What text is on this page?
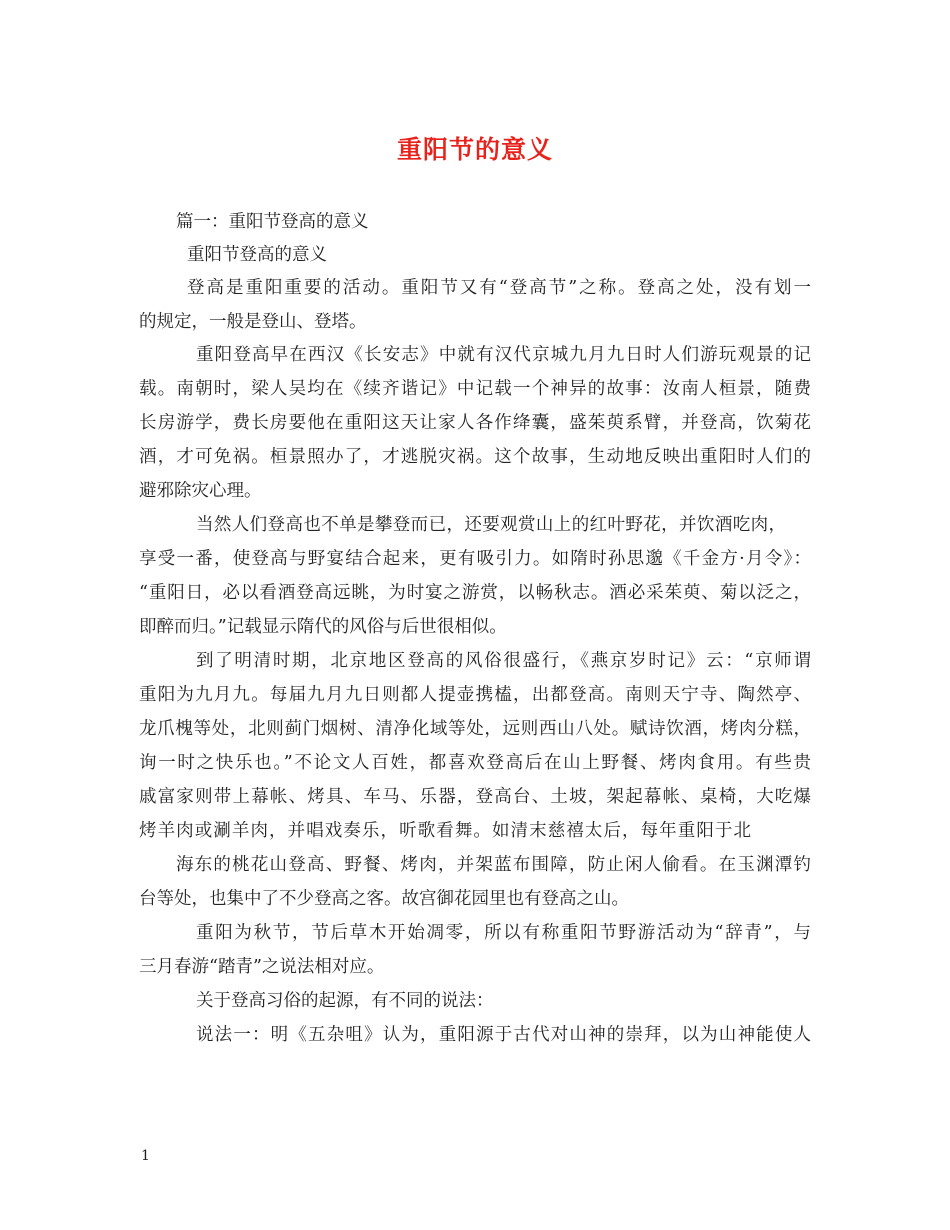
重阳节的意义
篇一：重阳节登高的意义
重阳节登高的意义
登高是重阳重要的活动。重阳节又有“登高节”之称。登高之处，没有划一
的规定，一般是登山、登塔。
重阳登高早在西汉《长安志》中就有汉代京城九月九日时人们游玩观景的记
载。南朝时，梁人吴均在《续齐谐记》中记载一个神异的故事：汝南人桓景，随费
长房游学，费长房要他在重阳这天让家人各作绛囊，盛茱萸系臂，并登高，饮菊花
酒，才可免祸。桓景照办了，才逃脱灾祸。这个故事，生动地反映出重阳时人们的
避邪除灾心理。
当然人们登高也不单是攀登而已，还要观赏山上的红叶野花，并饮酒吃肉，
享受一番，使登高与野宴结合起来，更有吸引力。如隋时孙思邈《千金方·月令》：
“重阳日，必以看酒登高远眺，为时宴之游赏，以畅秋志。酒必采茱萸、菊以泛之，
即醉而归。”记载显示隋代的风俗与后世很相似。
到了明清时期，北京地区登高的风俗很盛行，《燕京岁时记》云：“京师谓
重阳为九月九。每届九月九日则都人提壶携榼，出都登高。南则天宁寺、陶然亭、
龙爪槐等处，北则蓟门烟树、清净化域等处，远则西山八处。赋诗饮酒，烤肉分糕，
询一时之快乐也。”不论文人百姓，都喜欢登高后在山上野餐、烤肉食用。有些贵
戚富家则带上幕帐、烤具、车马、乐器，登高台、土坡，架起幕帐、桌椅，大吃爆
烤羊肉或涮羊肉，并唱戏奏乐，听歌看舞。如清末慈禧太后，每年重阳于北
海东的桃花山登高、野餐、烤肉，并架蓝布围障，防止闲人偷看。在玉渊潭钓
台等处，也集中了不少登高之客。故宫御花园里也有登高之山。
重阳为秋节，节后草木开始凋零，所以有称重阳节野游活动为“辞青”，与
三月春游“踏青”之说法相对应。
关于登高习俗的起源，有不同的说法：
说法一：明《五杂咀》认为，重阳源于古代对山神的崇拜，以为山神能使人
1
